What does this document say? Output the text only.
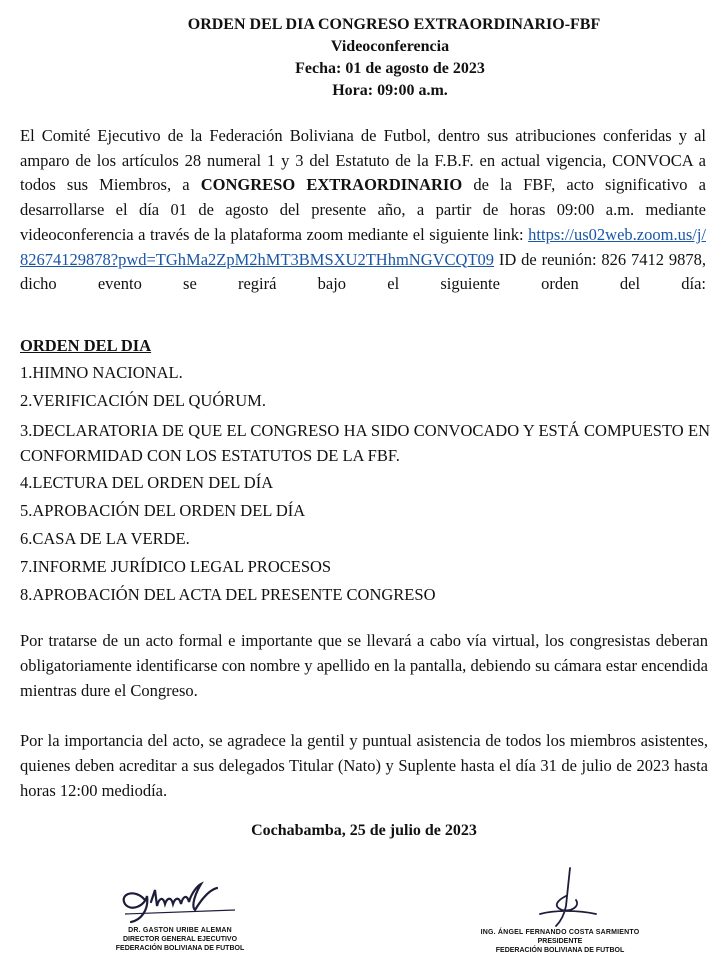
ORDEN DEL DIA CONGRESO EXTRAORDINARIO-FBF
Videoconferencia
Fecha: 01 de agosto de 2023
Hora: 09:00 a.m.
El Comité Ejecutivo de la Federación Boliviana de Futbol, dentro sus atribuciones conferidas y al amparo de los artículos 28 numeral 1 y 3 del Estatuto de la F.B.F. en actual vigencia, CONVOCA a todos sus Miembros, a CONGRESO EXTRAORDINARIO de la FBF, acto significativo a desarrollarse el día 01 de agosto del presente año, a partir de horas 09:00 a.m. mediante videoconferencia a través de la plataforma zoom mediante el siguiente link: https://us02web.zoom.us/j/82674129878?pwd=TGhMa2ZpM2hMT3BMSXU2THhmNGVCQT09 ID de reunión: 826 7412 9878, dicho evento se regirá bajo el siguiente orden del día:
ORDEN DEL DIA
1.HIMNO NACIONAL.
2.VERIFICACIÓN DEL QUÓRUM.
3.DECLARATORIA DE QUE EL CONGRESO HA SIDO CONVOCADO Y ESTÁ COMPUESTO EN CONFORMIDAD CON LOS ESTATUTOS DE LA FBF.
4.LECTURA DEL ORDEN DEL DÍA
5.APROBACIÓN DEL ORDEN DEL DÍA
6.CASA DE LA VERDE.
7.INFORME JURÍDICO LEGAL PROCESOS
8.APROBACIÓN DEL ACTA DEL PRESENTE CONGRESO
Por tratarse de un acto formal e importante que se llevará a cabo vía virtual, los congresistas deberan obligatoriamente identificarse con nombre y apellido en la pantalla, debiendo su cámara estar encendida mientras dure el Congreso.
Por la importancia del acto, se agradece la gentil y puntual asistencia de todos los miembros asistentes, quienes deben acreditar a sus delegados Titular (Nato) y Suplente hasta el día 31 de julio de 2023 hasta horas 12:00 mediodía.
Cochabamba, 25 de julio de 2023
DR. GASTON URIBE ALEMAN
DIRECTOR GENERAL EJECUTIVO
FEDERACIÓN BOLIVIANA DE FUTBOL
ING. ÁNGEL FERNANDO COSTA SARMIENTO
PRESIDENTE
FEDERACIÓN BOLIVIANA DE FUTBOL
